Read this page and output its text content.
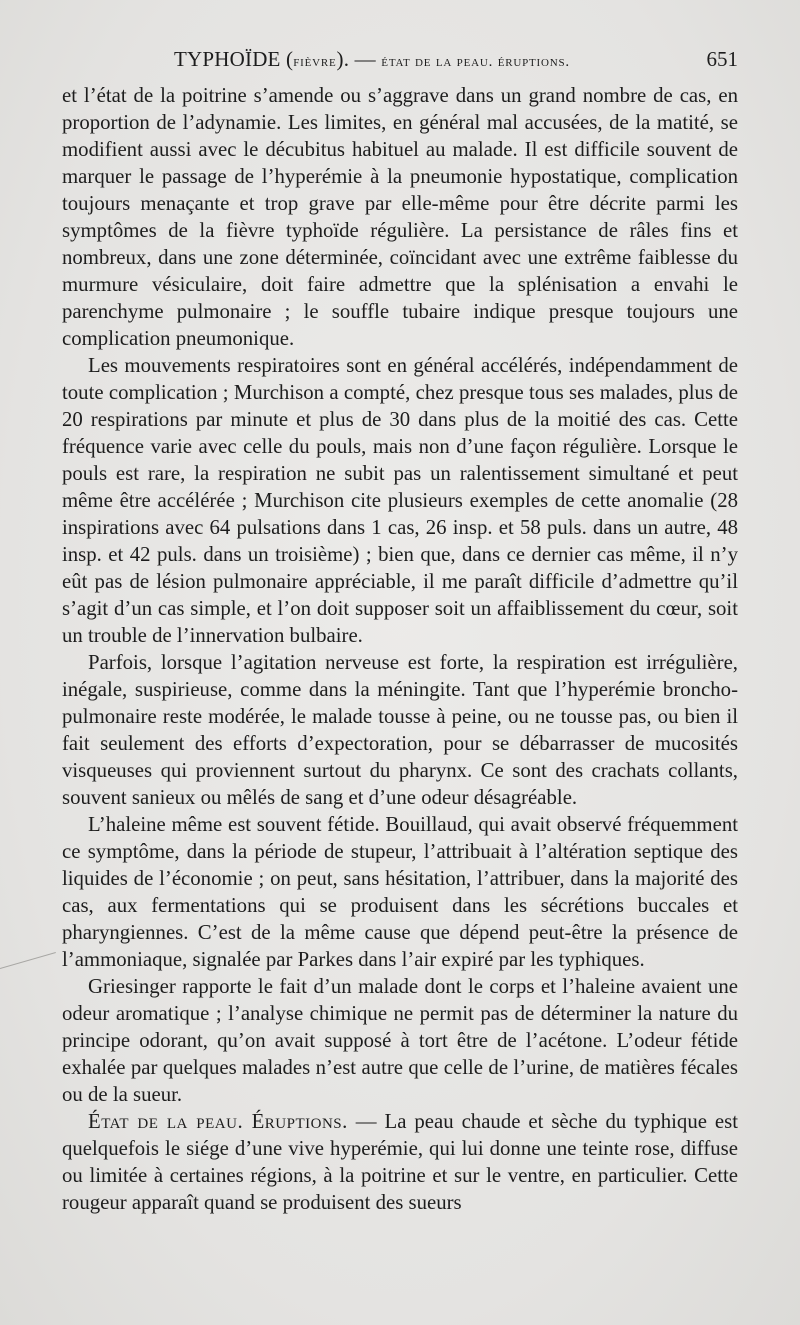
TYPHOÏDE (fièvre). — état de la peau. éruptions.	651

et l’état de la poitrine s’amende ou s’aggrave dans un grand nombre de cas, en proportion de l’adynamie. Les limites, en général mal accusées, de la matité, se modifient aussi avec le décubitus habituel au malade. Il est difficile souvent de marquer le passage de l’hyperémie à la pneumonie hypostatique, complication toujours menaçante et trop grave par elle-même pour être décrite parmi les symptômes de la fièvre typhoïde régulière. La persistance de râles fins et nombreux, dans une zone déterminée, coïncidant avec une extrême faiblesse du murmure vésiculaire, doit faire admettre que la splénisation a envahi le parenchyme pulmonaire ; le souffle tubaire indique presque toujours une complication pneumonique.

Les mouvements respiratoires sont en général accélérés, indépendamment de toute complication ; Murchison a compté, chez presque tous ses malades, plus de 20 respirations par minute et plus de 30 dans plus de la moitié des cas. Cette fréquence varie avec celle du pouls, mais non d’une façon régulière. Lorsque le pouls est rare, la respiration ne subit pas un ralentissement simultané et peut même être accélérée ; Murchison cite plusieurs exemples de cette anomalie (28 inspirations avec 64 pulsations dans 1 cas, 26 insp. et 58 puls. dans un autre, 48 insp. et 42 puls. dans un troisième) ; bien que, dans ce dernier cas même, il n’y eût pas de lésion pulmonaire appréciable, il me paraît difficile d’admettre qu’il s’agit d’un cas simple, et l’on doit supposer soit un affaiblissement du cœur, soit un trouble de l’innervation bulbaire.

Parfois, lorsque l’agitation nerveuse est forte, la respiration est irrégulière, inégale, suspirieuse, comme dans la méningite. Tant que l’hyperémie broncho-pulmonaire reste modérée, le malade tousse à peine, ou ne tousse pas, ou bien il fait seulement des efforts d’expectoration, pour se débarrasser de mucosités visqueuses qui proviennent surtout du pharynx. Ce sont des crachats collants, souvent sanieux ou mêlés de sang et d’une odeur désagréable.

L’haleine même est souvent fétide. Bouillaud, qui avait observé fréquemment ce symptôme, dans la période de stupeur, l’attribuait à l’altération septique des liquides de l’économie ; on peut, sans hésitation, l’attribuer, dans la majorité des cas, aux fermentations qui se produisent dans les sécrétions buccales et pharyngiennes. C’est de la même cause que dépend peut-être la présence de l’ammoniaque, signalée par Parkes dans l’air expiré par les typhiques.

Griesinger rapporte le fait d’un malade dont le corps et l’haleine avaient une odeur aromatique ; l’analyse chimique ne permit pas de déterminer la nature du principe odorant, qu’on avait supposé à tort être de l’acétone. L’odeur fétide exhalée par quelques malades n’est autre que celle de l’urine, de matières fécales ou de la sueur.

État de la peau. Éruptions. — La peau chaude et sèche du typhique est quelquefois le siége d’une vive hyperémie, qui lui donne une teinte rose, diffuse ou limitée à certaines régions, à la poitrine et sur le ventre, en particulier. Cette rougeur apparaît quand se produisent des sueurs
